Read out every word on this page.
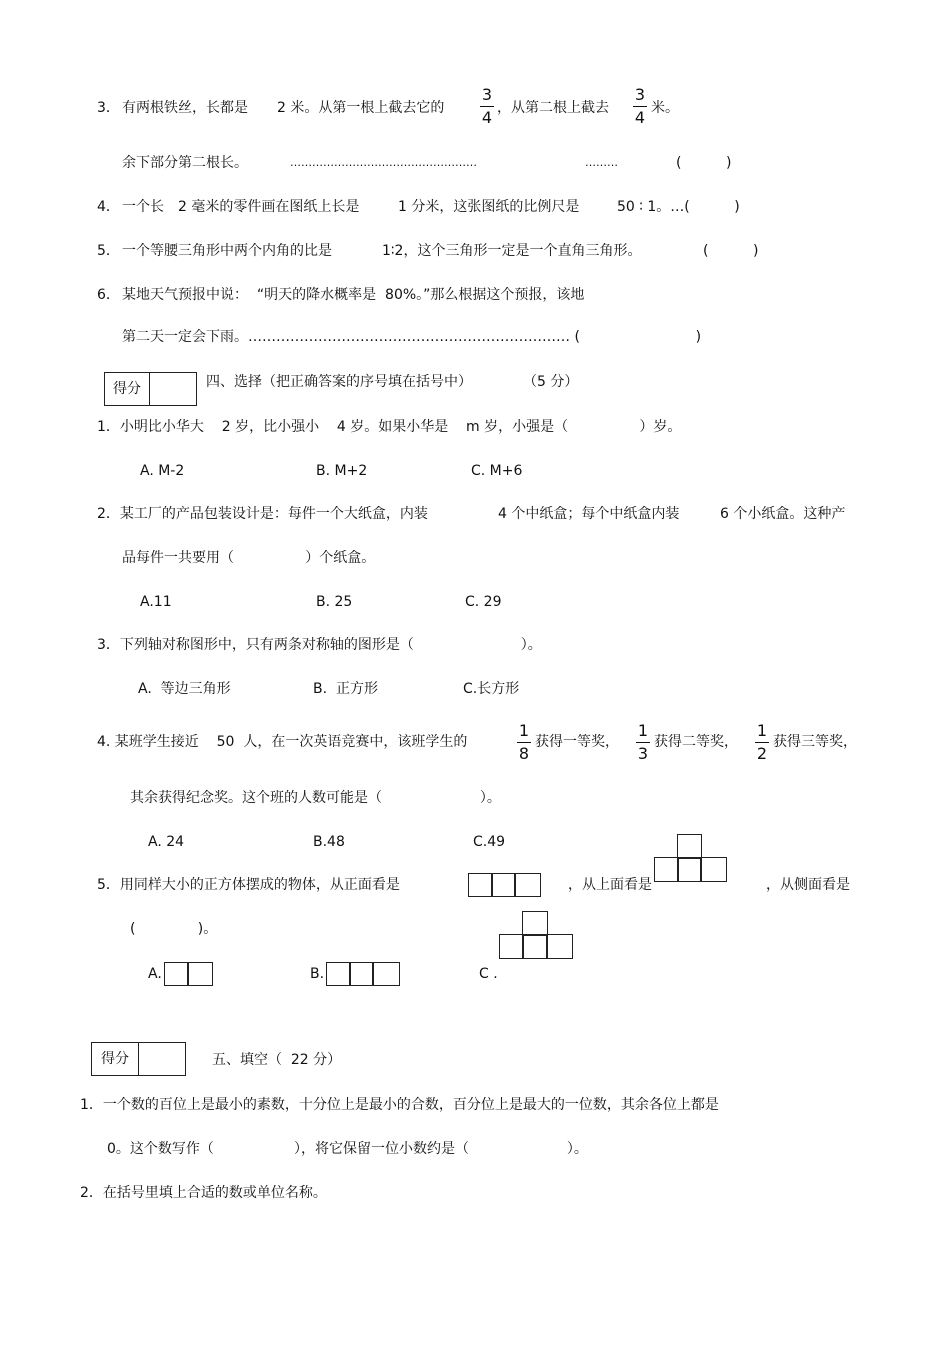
3． 有两根铁丝，长都是 2 米。从第一根上截去它的
3
4 ，从第二根上截去
3
4 米。
余下部分第二根长。	……………………………………………	………	(          )
4． 一个长 2 毫米的零件画在图纸上长是	1 分米，这张图纸的比例尺是	50 ∶ 1。…(          )
5． 一个等腰三角形中两个内角的比是	1∶2，这个三角形一定是一个直角三角形。	(          )
6． 某地天气预报中说：  “明天的降水概率是  80%。”那么根据这个预报，该地
第二天一定会下雨。…………………………………………………………… (                          )
得分	四、选择（把正确答案的序号填在括号中）	（5 分）
1．小明比小华大    2 岁，比小强小    4 岁。如果小华是    m 岁，小强是（                ）岁。
A. M-2	B. M+2	C. M+6
2．某工厂的产品包装设计是：每件一个大纸盒，内装	4 个中纸盒；每个中纸盒内装	6 个小纸盒。这种产
品每件一共要用（                ）个纸盒。
A.11	B. 25	C. 29
3．下列轴对称图形中，只有两条对称轴的图形是（                        ）。
A.  等边三角形	B.  正方形	C.长方形
4. 某班学生接近    50  人，在一次英语竞赛中，该班学生的
1
8
获得一等奖，
1
3
获得二等奖，
1
2
获得三等奖，
其余获得纪念奖。这个班的人数可能是（                      ）。
A. 24	B.48	C.49
5．用同样大小的正方体摆成的物体，从正面看是	，从上面看是	，从侧面看是
(              )。
A.	B.	C .
得分	五、填空（  22 分）
1．一个数的百位上是最小的素数，十分位上是最小的合数，百分位上是最大的一位数，其余各位上都是
0。这个数写作（                  ），将它保留一位小数约是（                      ）。
2．在括号里填上合适的数或单位名称。
